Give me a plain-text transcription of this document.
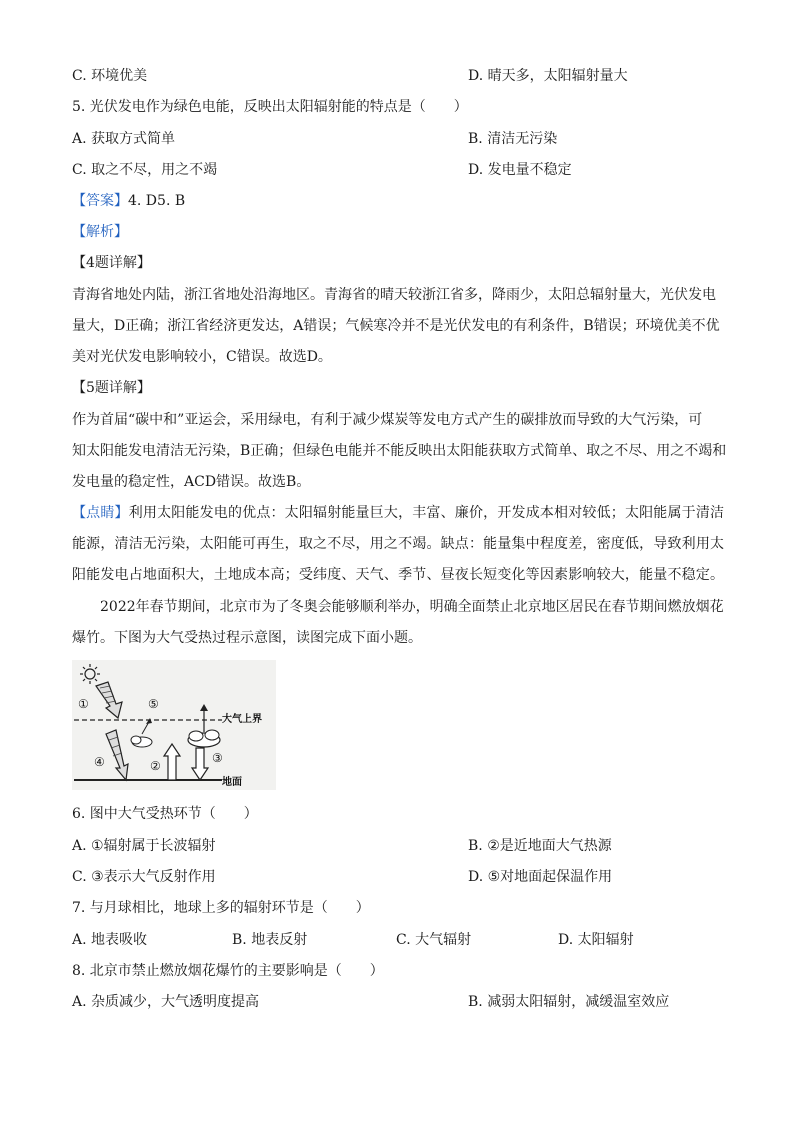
C. 环境优美	D. 晴天多，太阳辐射量大
5. 光伏发电作为绿色电能，反映出太阳辐射能的特点是（　　）
A. 获取方式简单	B. 清洁无污染
C. 取之不尽，用之不竭	D. 发电量不稳定
【答案】4. D5. B
【解析】
【4题详解】
青海省地处内陆，浙江省地处沿海地区。青海省的晴天较浙江省多，降雨少，太阳总辐射量大，光伏发电
量大，D正确；浙江省经济更发达，A错误；气候寒冷并不是光伏发电的有利条件，B错误；环境优美不优
美对光伏发电影响较小，C错误。故选D。
【5题详解】
作为首届“碳中和”亚运会，采用绿电，有利于减少煤炭等发电方式产生的碳排放而导致的大气污染，可
知太阳能发电清洁无污染，B正确；但绿色电能并不能反映出太阳能获取方式简单、取之不尽、用之不竭和
发电量的稳定性，ACD错误。故选B。
【点睛】利用太阳能发电的优点：太阳辐射能量巨大，丰富、廉价，开发成本相对较低；太阳能属于清洁
能源，清洁无污染，太阳能可再生，取之不尽，用之不竭。缺点：能量集中程度差，密度低，导致利用太
阳能发电占地面积大，土地成本高；受纬度、天气、季节、昼夜长短变化等因素影响较大，能量不稳定。
2022年春节期间，北京市为了冬奥会能够顺利举办，明确全面禁止北京地区居民在春节期间燃放烟花
爆竹。下图为大气受热过程示意图，读图完成下面小题。
大气上界
地面
①
④
⑤
②
③
6. 图中大气受热环节（　　）
A. ①辐射属于长波辐射	B. ②是近地面大气热源
C. ③表示大气反射作用	D. ⑤对地面起保温作用
7. 与月球相比，地球上多的辐射环节是（　　）
A. 地表吸收	B. 地表反射	C. 大气辐射	D. 太阳辐射
8. 北京市禁止燃放烟花爆竹的主要影响是（　　）
A. 杂质减少，大气透明度提高	B. 减弱太阳辐射，减缓温室效应
